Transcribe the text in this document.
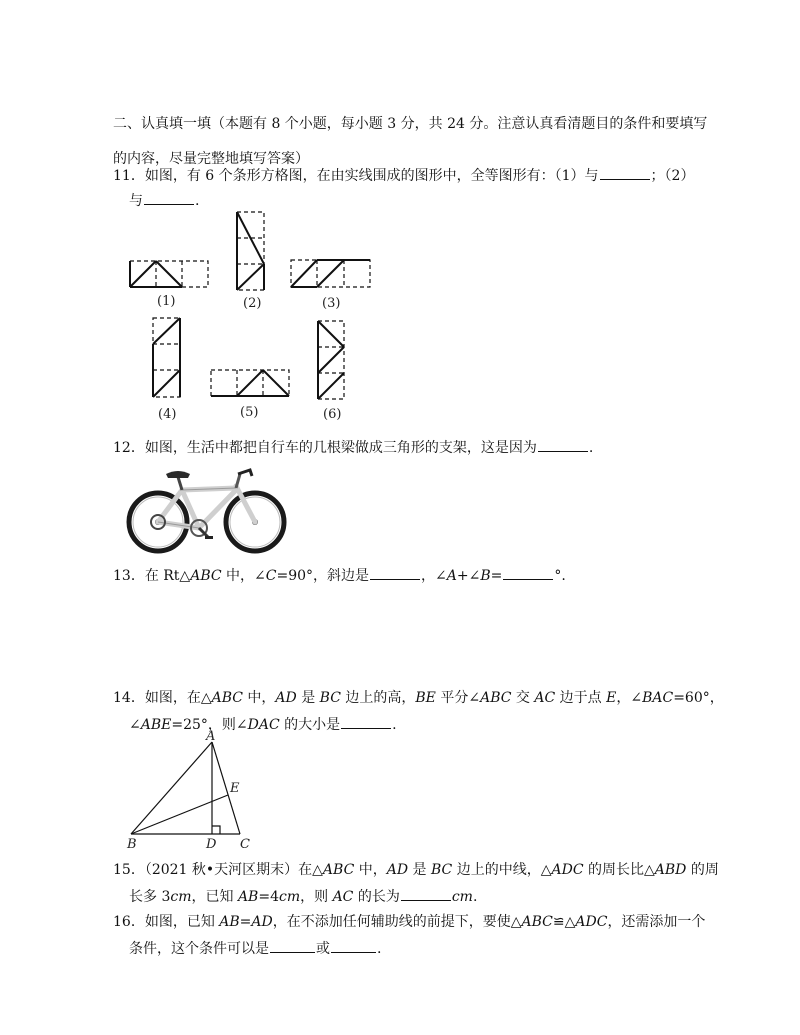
二、认真填一填（本题有 8 个小题，每小题 3 分，共 24 分。注意认真看清题目的条件和要填写
的内容，尽量完整地填写答案）
11．如图，有 6 个条形方格图，在由实线围成的图形中，全等图形有：（1）与	；（2）
与	.
(1)	(2)	(3)
(4)	(5)	(6)
12．如图，生活中都把自行车的几根梁做成三角形的支架，这是因为	.
13．在 Rt△ABC 中，∠C=90°，斜边是	，∠A+∠B=	°.
14．如图，在△ABC 中，AD 是 BC 边上的高，BE 平分∠ABC 交 AC 边于点 E，∠BAC=60°，
∠ABE=25°，则∠DAC 的大小是	.
A
E
B	D C
15．（2021 秋•天河区期末）在△ABC 中，AD 是 BC 边上的中线，△ADC 的周长比△ABD 的周
长多 3cm，已知 AB=4cm，则 AC 的长为	cm.
16．如图，已知 AB=AD，在不添加任何辅助线的前提下，要使△ABC≌△ADC，还需添加一个
条件，这个条件可以是	或	.
